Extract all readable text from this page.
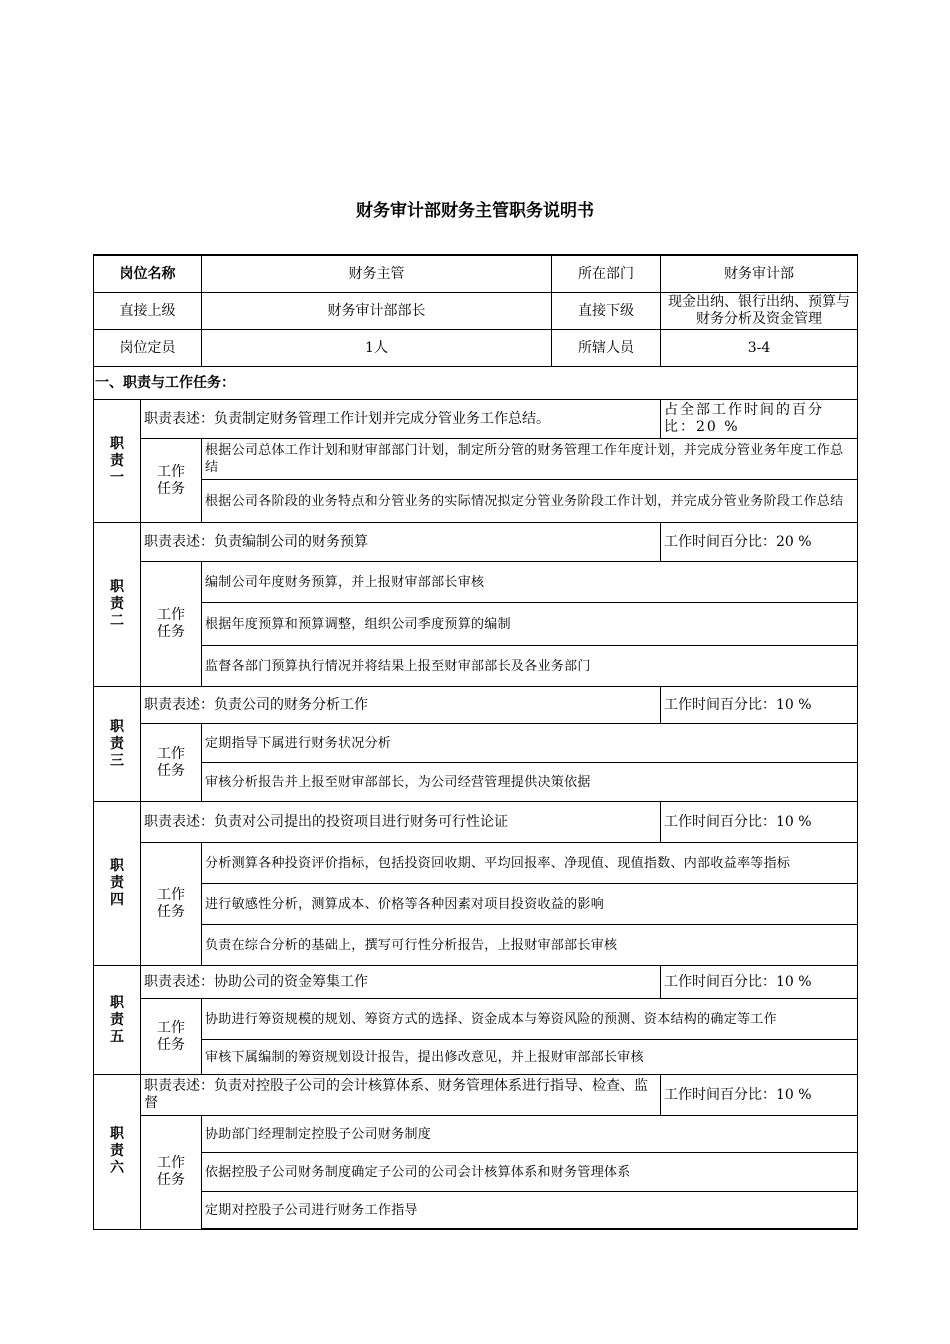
财务审计部财务主管职务说明书
岗位名称		财务主管	所在部门	财务审计部
直接上级		财务审计部部长	直接下级	现金出纳、银行出纳、预算与财务分析及资金管理
岗位定员		1人	所辖人员	3-4
一、职责与工作任务：				

职
责
一	职责表述：负责制定财务管理工作计划并完成分管业务工作总结。			占全部工作时间的百分比：20 %
	工作任务	根据公司总体工作计划和财审部部门计划，制定所分管的财务管理工作年度计划，并完成分管业务年度工作总结		
		根据公司各阶段的业务特点和分管业务的实际情况拟定分管业务阶段工作计划，并完成分管业务阶段工作总结		

职
责
二	职责表述：负责编制公司的财务预算			工作时间百分比：20 %
	工作任务	编制公司年度财务预算，并上报财审部部长审核		
		根据年度预算和预算调整，组织公司季度预算的编制		
		监督各部门预算执行情况并将结果上报至财审部部长及各业务部门		

职
责
三	职责表述：负责公司的财务分析工作			工作时间百分比：10 %
	工作任务	定期指导下属进行财务状况分析		
		审核分析报告并上报至财审部部长，为公司经营管理提供决策依据		

职
责
四	职责表述：负责对公司提出的投资项目进行财务可行性论证			工作时间百分比：10 %
	工作任务	分析测算各种投资评价指标，包括投资回收期、平均回报率、净现值、现值指数、内部收益率等指标		
		进行敏感性分析，测算成本、价格等各种因素对项目投资收益的影响		
		负责在综合分析的基础上，撰写可行性分析报告，上报财审部部长审核		

职
责
五	职责表述：协助公司的资金筹集工作			工作时间百分比：10 %
	工作任务	协助进行筹资规模的规划、筹资方式的选择、资金成本与筹资风险的预测、资本结构的确定等工作		
		审核下属编制的筹资规划设计报告，提出修改意见，并上报财审部部长审核		

职
责
六	职责表述：负责对控股子公司的会计核算体系、财务管理体系进行指导、检查、监督			工作时间百分比：10 %
	工作任务	协助部门经理制定控股子公司财务制度		
		依据控股子公司财务制度确定子公司的公司会计核算体系和财务管理体系		
		定期对控股子公司进行财务工作指导		
